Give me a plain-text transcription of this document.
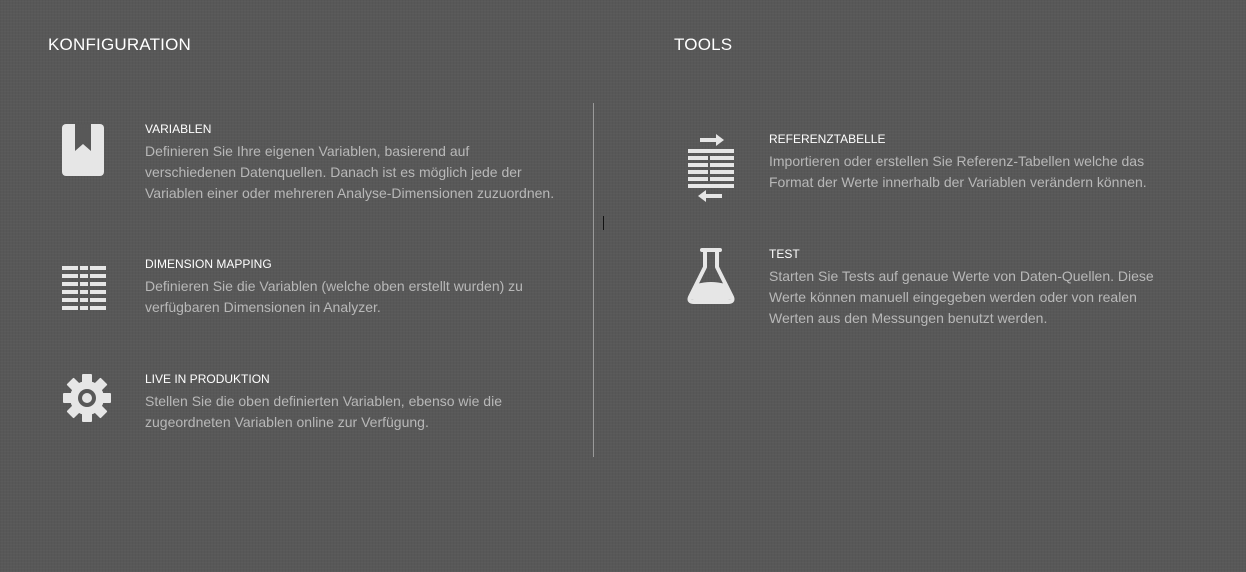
KONFIGURATION	TOOLS
VARIABLEN
Definieren Sie Ihre eigenen Variablen, basierend auf
verschiedenen Datenquellen. Danach ist es möglich jede der
Variablen einer oder mehreren Analyse-Dimensionen zuzuordnen.
DIMENSION MAPPING
Definieren Sie die Variablen (welche oben erstellt wurden) zu
verfügbaren Dimensionen in Analyzer.
LIVE IN PRODUKTION
Stellen Sie die oben definierten Variablen, ebenso wie die
zugeordneten Variablen online zur Verfügung.
REFERENZTABELLE
Importieren oder erstellen Sie Referenz-Tabellen welche das
Format der Werte innerhalb der Variablen verändern können.
TEST
Starten Sie Tests auf genaue Werte von Daten-Quellen. Diese
Werte können manuell eingegeben werden oder von realen
Werten aus den Messungen benutzt werden.
